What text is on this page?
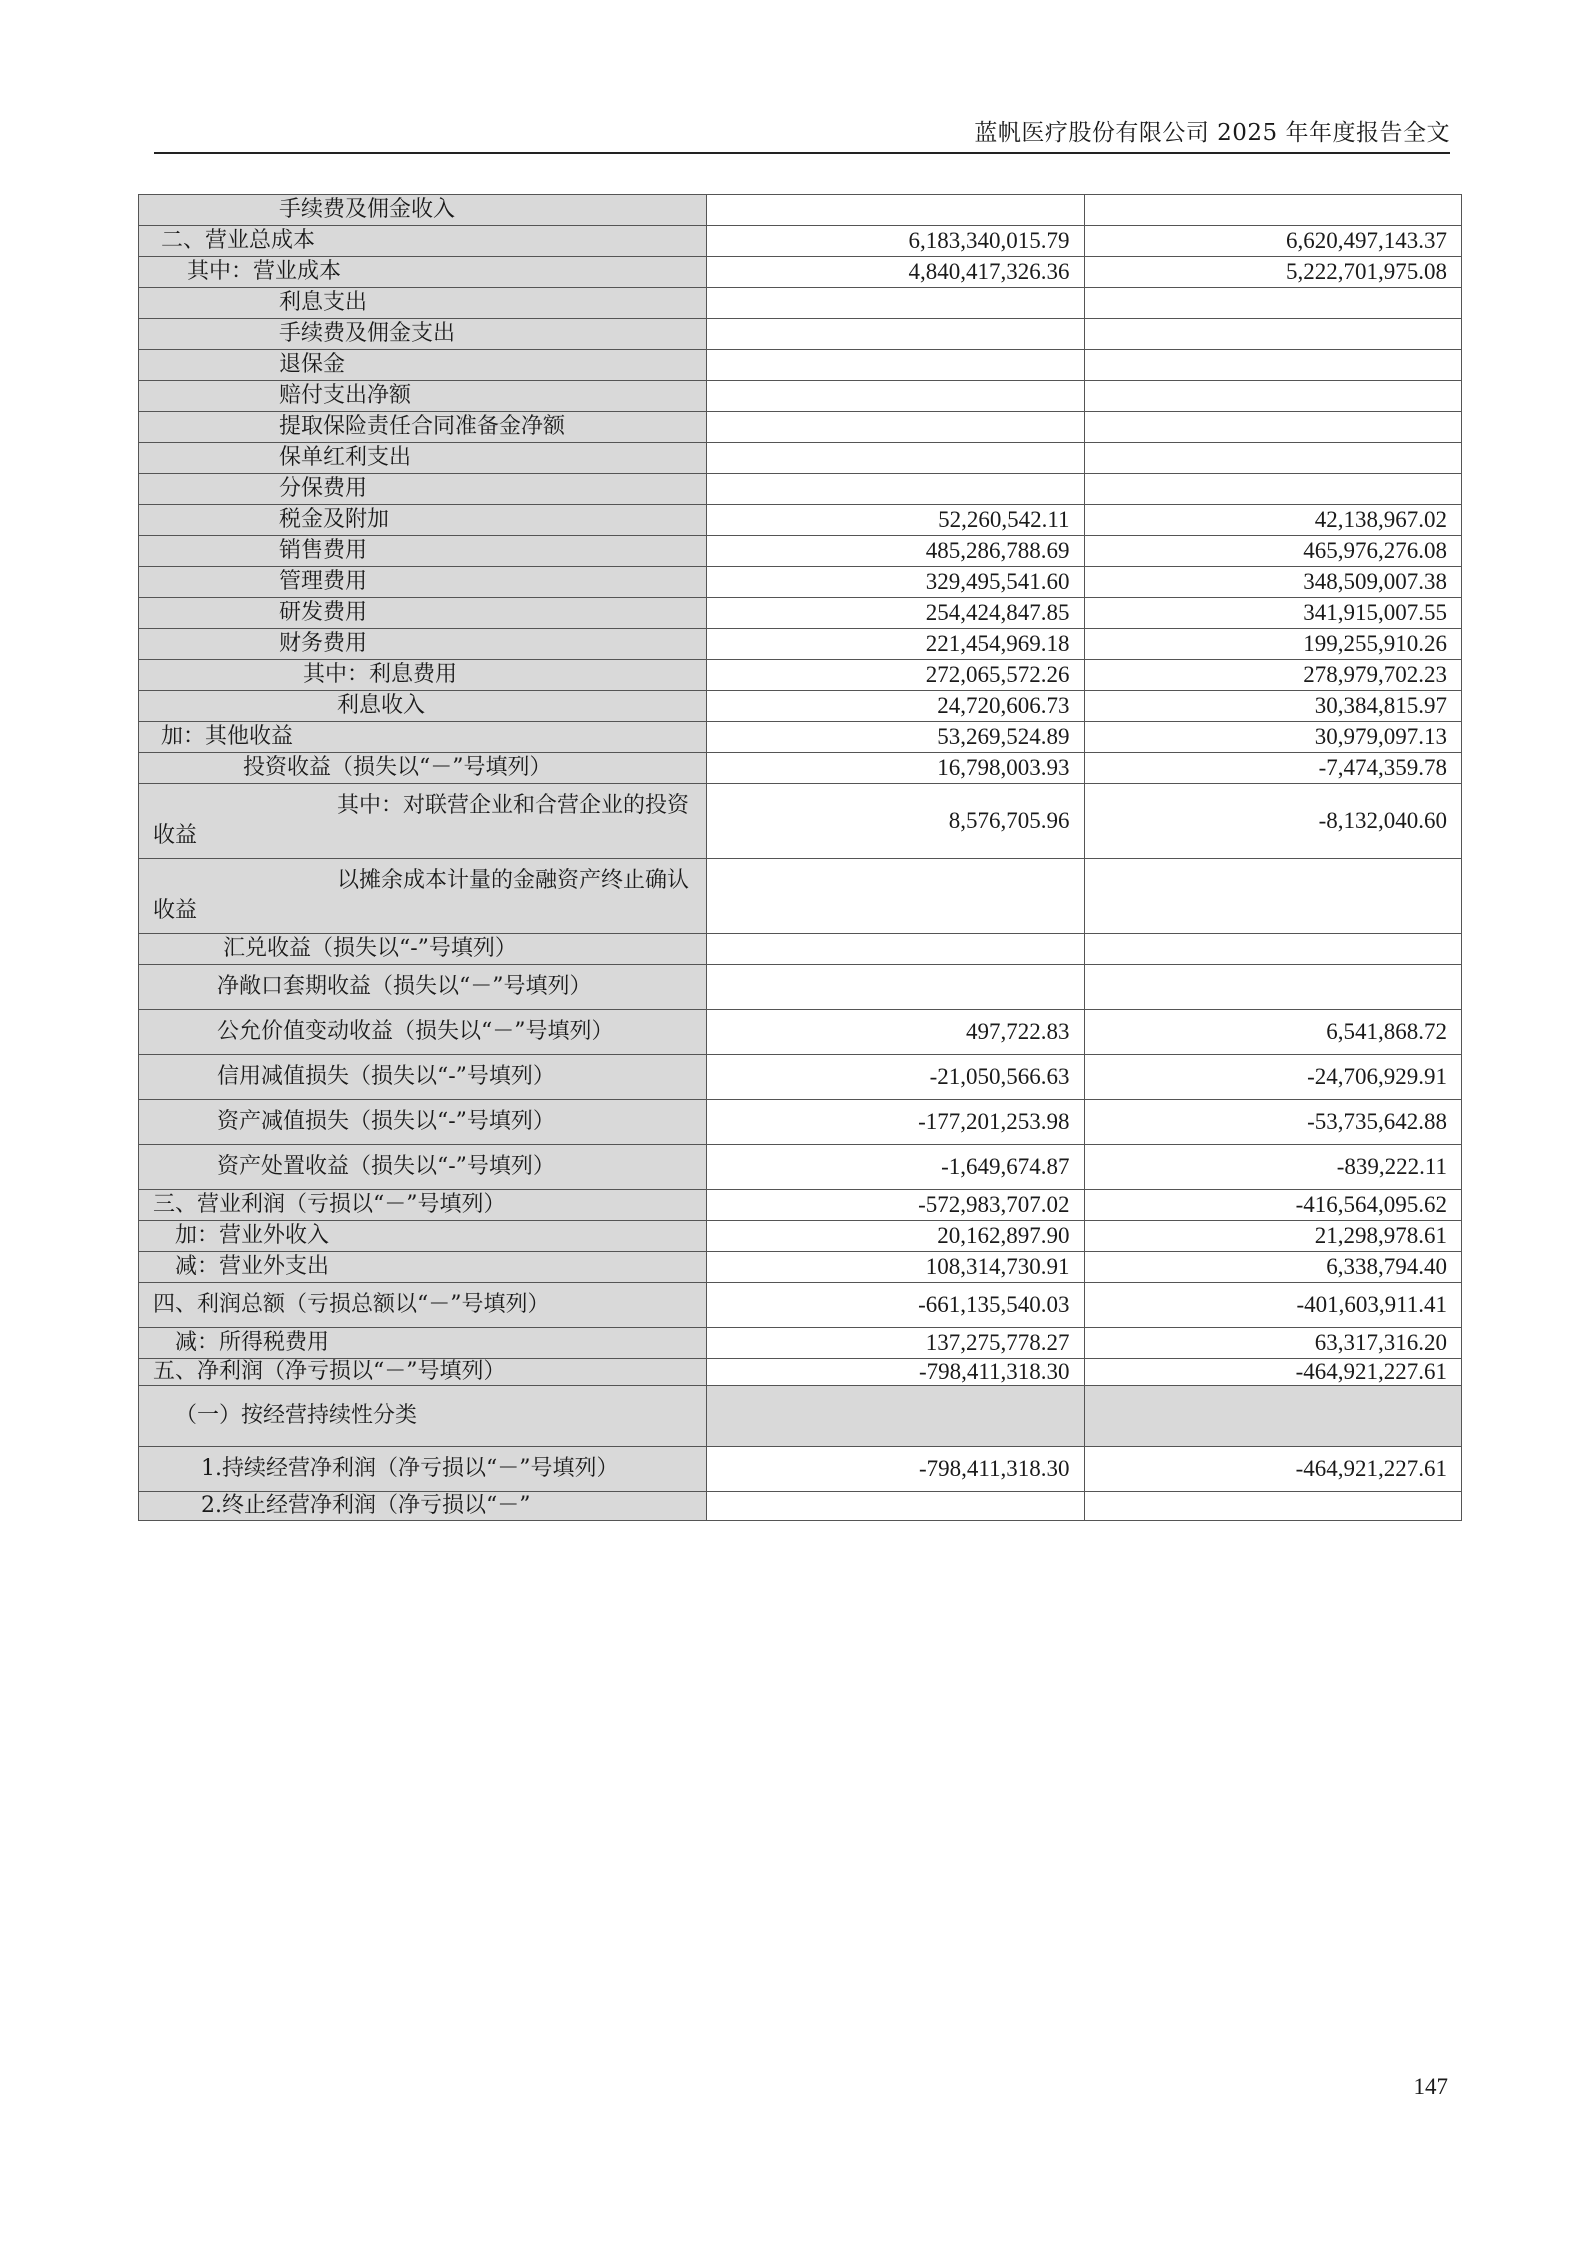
蓝帆医疗股份有限公司 2025 年年度报告全文
手续费及佣金收入		
二、营业总成本	6,183,340,015.79	6,620,497,143.37
其中：营业成本	4,840,417,326.36	5,222,701,975.08
利息支出		
手续费及佣金支出		
退保金		
赔付支出净额		
提取保险责任合同准备金净额		
保单红利支出		
分保费用		
税金及附加	52,260,542.11	42,138,967.02
销售费用	485,286,788.69	465,976,276.08
管理费用	329,495,541.60	348,509,007.38
研发费用	254,424,847.85	341,915,007.55
财务费用	221,454,969.18	199,255,910.26
其中：利息费用	272,065,572.26	278,979,702.23
利息收入	24,720,606.73	30,384,815.97
加：其他收益	53,269,524.89	30,979,097.13
投资收益（损失以“－”号填列）	16,798,003.93	-7,474,359.78
其中：对联营企业和合营企业的投资收益	8,576,705.96	-8,132,040.60
以摊余成本计量的金融资产终止确认收益		
汇兑收益（损失以“-”号填列）		
净敞口套期收益（损失以“－”号填列）		
公允价值变动收益（损失以“－”号填列）	497,722.83	6,541,868.72
信用减值损失（损失以“-”号填列）	-21,050,566.63	-24,706,929.91
资产减值损失（损失以“-”号填列）	-177,201,253.98	-53,735,642.88
资产处置收益（损失以“-”号填列）	-1,649,674.87	-839,222.11
三、营业利润（亏损以“－”号填列）	-572,983,707.02	-416,564,095.62
加：营业外收入	20,162,897.90	21,298,978.61
减：营业外支出	108,314,730.91	6,338,794.40
四、利润总额（亏损总额以“－”号填列）	-661,135,540.03	-401,603,911.41
减：所得税费用	137,275,778.27	63,317,316.20
五、净利润（净亏损以“－”号填列）	-798,411,318.30	-464,921,227.61
（一）按经营持续性分类		
1.持续经营净利润（净亏损以“－”号填列）	-798,411,318.30	-464,921,227.61
2.终止经营净利润（净亏损以“－”		
147
